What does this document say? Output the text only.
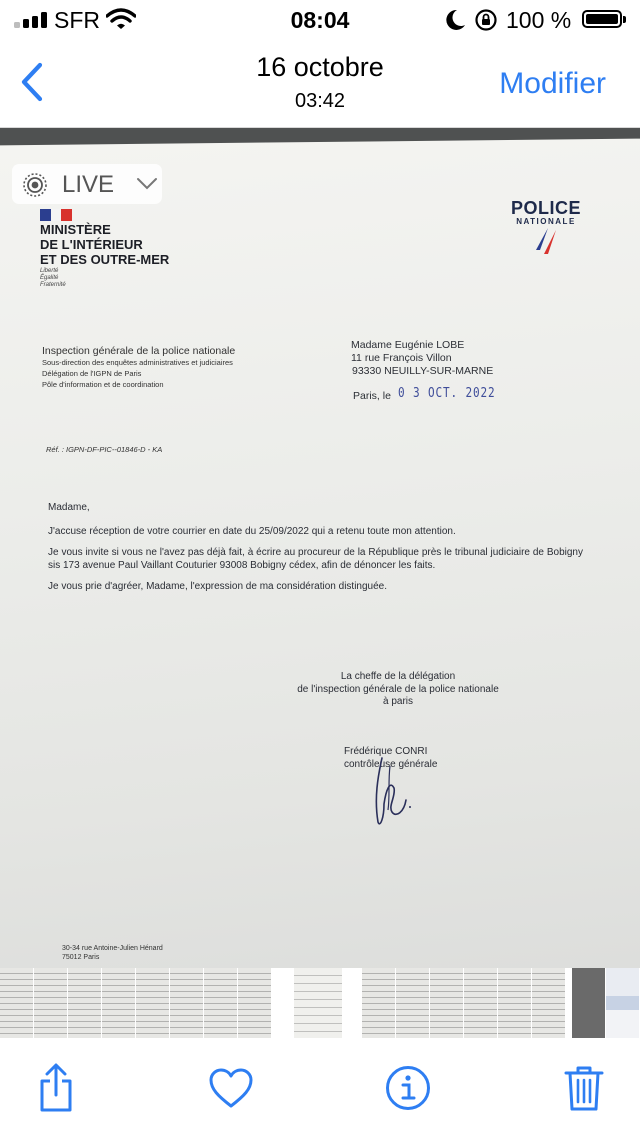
SFR	08:04	100 %
16 octobre
03:42
Modifier
LIVE
MINISTÈRE
DE L'INTÉRIEUR
ET DES OUTRE-MER
Liberté
Égalité
Fraternité
POLICE
NATIONALE
Inspection générale de la police nationale
Sous-direction des enquêtes administratives et judiciaires
Délégation de l'IGPN de Paris
Pôle d'information et de coordination
Madame Eugénie LOBE
11 rue François Villon
93330 NEUILLY-SUR-MARNE
Paris, le 0 3 OCT. 2022
Réf. : IGPN-DF-PIC--01846-D - KA

Madame,

J'accuse réception de votre courrier en date du 25/09/2022 qui a retenu toute mon attention.

Je vous invite si vous ne l'avez pas déjà fait, à écrire au procureur de la République près le tribunal judiciaire de Bobigny sis 173 avenue Paul Vaillant Couturier 93008 Bobigny cédex, afin de dénoncer les faits.

Je vous prie d'agréer, Madame, l'expression de ma considération distinguée.

La cheffe de la délégation
de l'inspection générale de la police nationale
à paris
Frédérique CONRI
contrôleuse générale
30-34 rue Antoine-Julien Hénard
75012 Paris
